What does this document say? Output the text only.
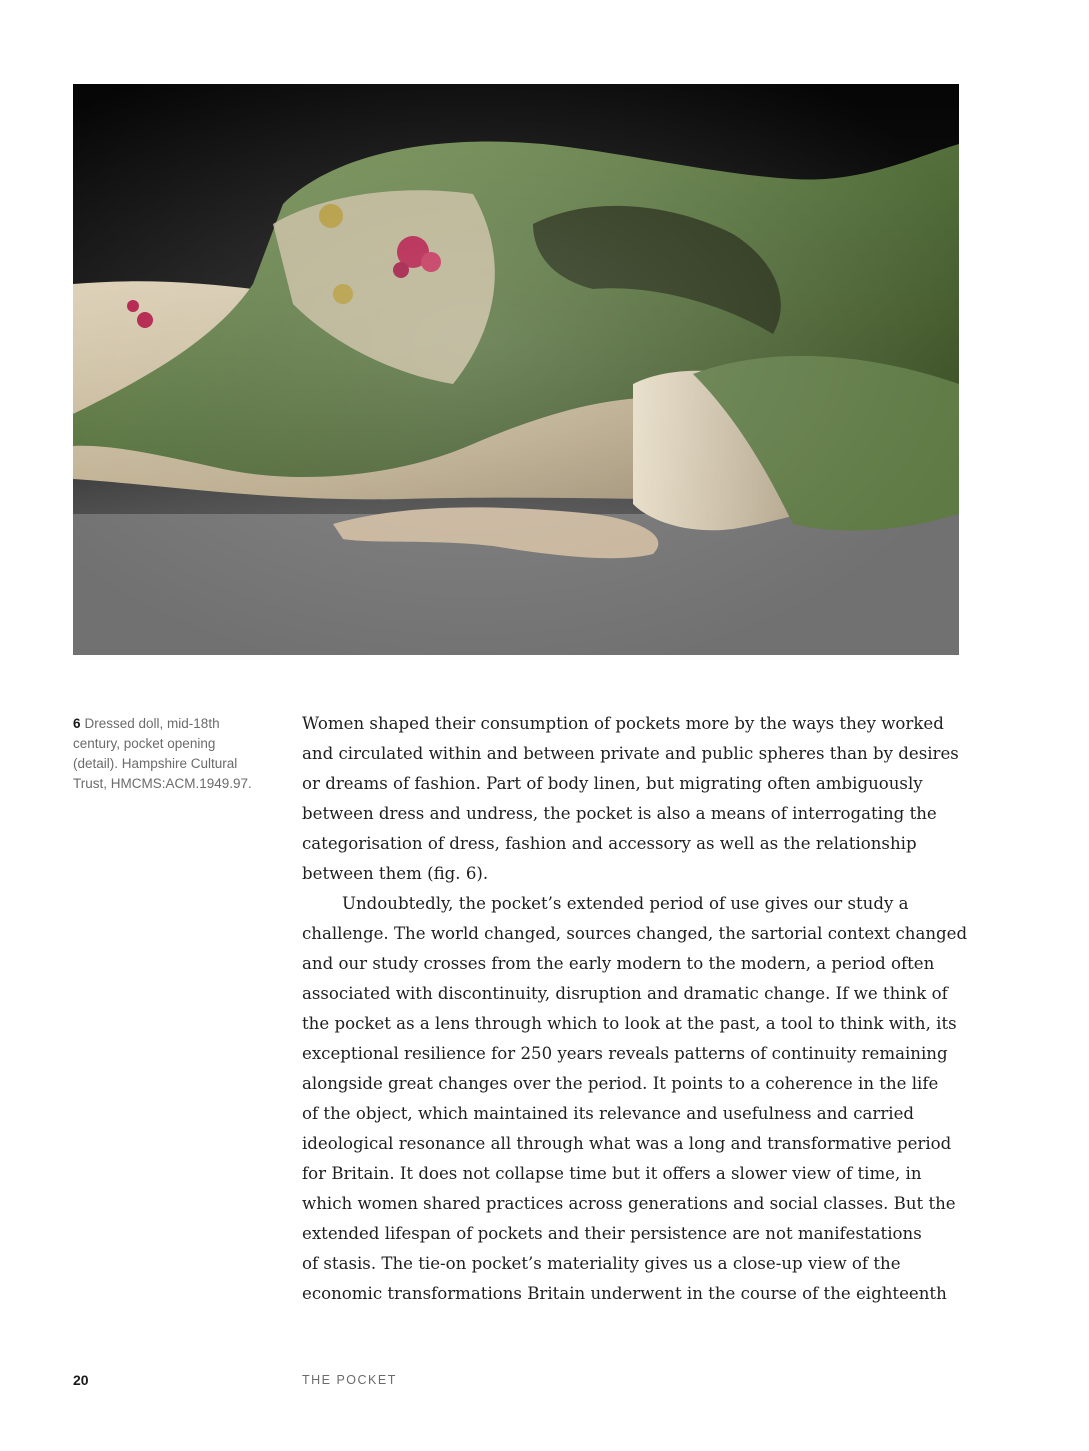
6 Dressed doll, mid-18th
century, pocket opening
(detail). Hampshire Cultural
Trust, HMCMS:ACM.1949.97.

Women shaped their consumption of pockets more by the ways they worked
and circulated within and between private and public spheres than by desires
or dreams of fashion. Part of body linen, but migrating often ambiguously
between dress and undress, the pocket is also a means of interrogating the
categorisation of dress, fashion and accessory as well as the relationship
between them (fig. 6).

Undoubtedly, the pocket’s extended period of use gives our study a
challenge. The world changed, sources changed, the sartorial context changed
and our study crosses from the early modern to the modern, a period often
associated with discontinuity, disruption and dramatic change. If we think of
the pocket as a lens through which to look at the past, a tool to think with, its
exceptional resilience for 250 years reveals patterns of continuity remaining
alongside great changes over the period. It points to a coherence in the life
of the object, which maintained its relevance and usefulness and carried
ideological resonance all through what was a long and transformative period
for Britain. It does not collapse time but it offers a slower view of time, in
which women shared practices across generations and social classes. But the
extended lifespan of pockets and their persistence are not manifestations
of stasis. The tie-on pocket’s materiality gives us a close-up view of the
economic transformations Britain underwent in the course of the eighteenth

20	THE POCKET
